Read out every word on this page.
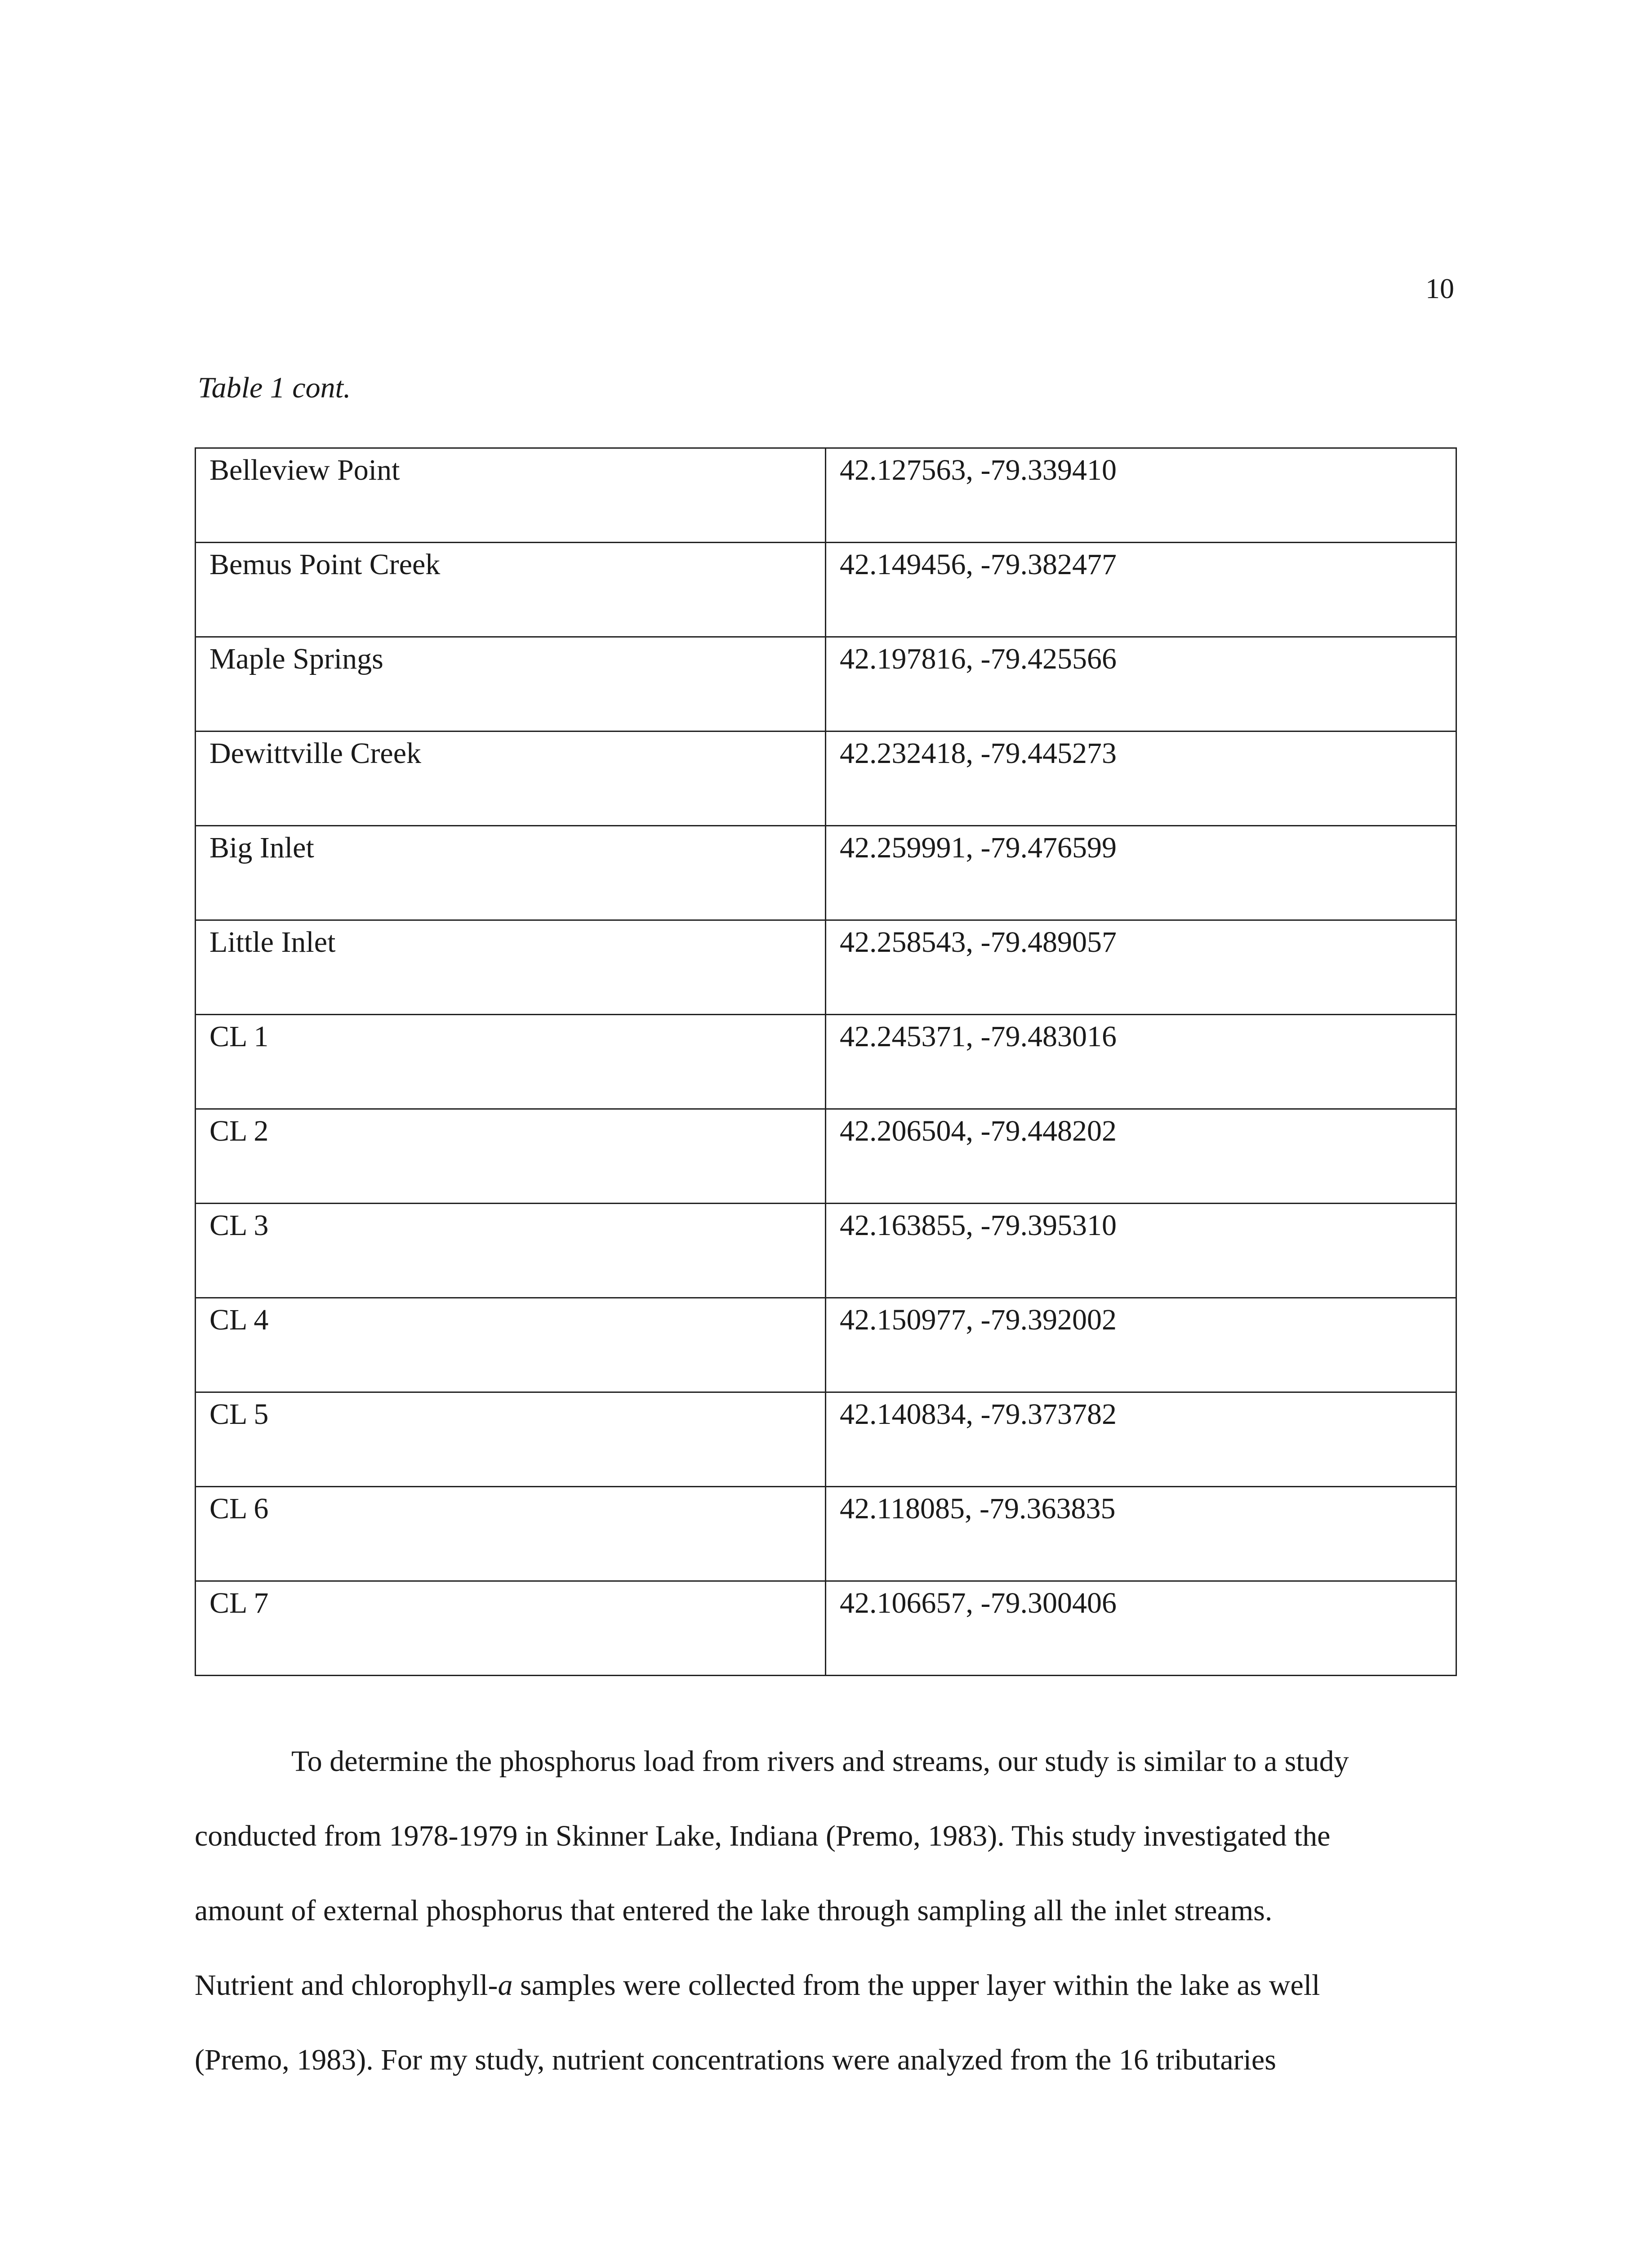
10
Table 1 cont.
Belleview Point	42.127563, -79.339410
Bemus Point Creek	42.149456, -79.382477
Maple Springs	42.197816, -79.425566
Dewittville Creek	42.232418, -79.445273
Big Inlet	42.259991, -79.476599
Little Inlet	42.258543, -79.489057
CL 1	42.245371, -79.483016
CL 2	42.206504, -79.448202
CL 3	42.163855, -79.395310
CL 4	42.150977, -79.392002
CL 5	42.140834, -79.373782
CL 6	42.118085, -79.363835
CL 7	42.106657, -79.300406

To determine the phosphorus load from rivers and streams, our study is similar to a study
conducted from 1978-1979 in Skinner Lake, Indiana (Premo, 1983). This study investigated the
amount of external phosphorus that entered the lake through sampling all the inlet streams.
Nutrient and chlorophyll-a samples were collected from the upper layer within the lake as well
(Premo, 1983). For my study, nutrient concentrations were analyzed from the 16 tributaries
